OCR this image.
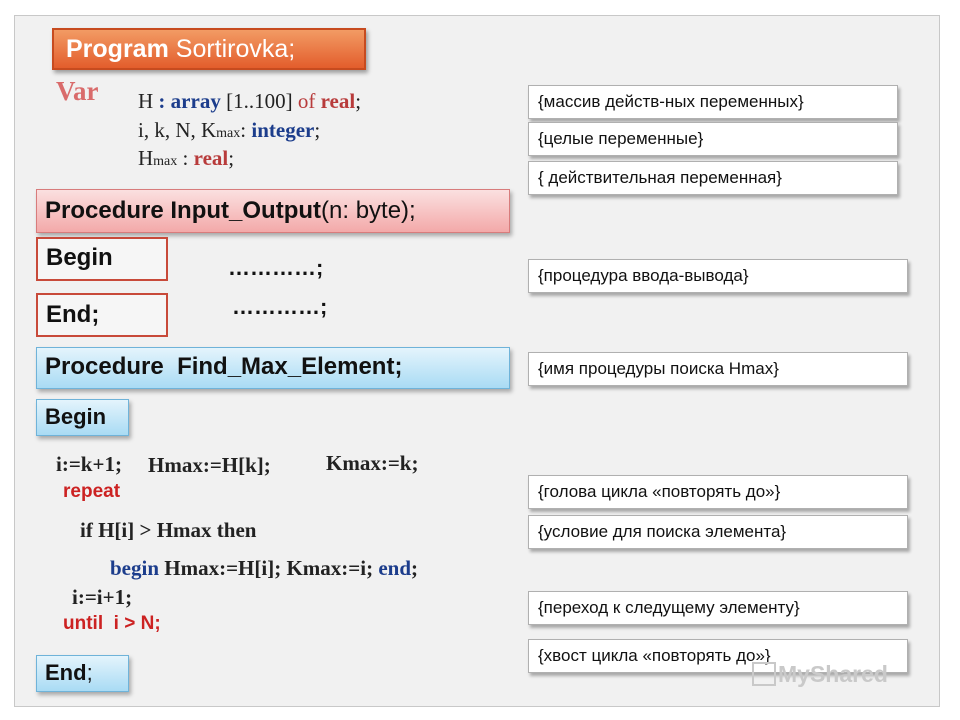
Program Sortirovka;
Var H : array [1..100] of real;
i, k, N, Kmax: integer;
Hmax : real;
Procedure Input_Output(n: byte);
Begin	…………;
End;	…………;
Procedure Find_Max_Element;
Begin
i:=k+1; Hmax:=H[k];	Kmax:=k;
repeat
if H[i] > Hmax then
begin Hmax:=H[i]; Kmax:=i; end;
i:=i+1;
until i > N;
End;
{массив действ-ных переменных}
{целые переменные}
{ действительная переменная}
{процедура ввода-вывода}
{имя процедуры поиска Hmax}
{голова цикла «повторять до»}
{условие для поиска элемента}
{переход к следущему элементу}
{хвост цикла «повторять до»}
MyShared
